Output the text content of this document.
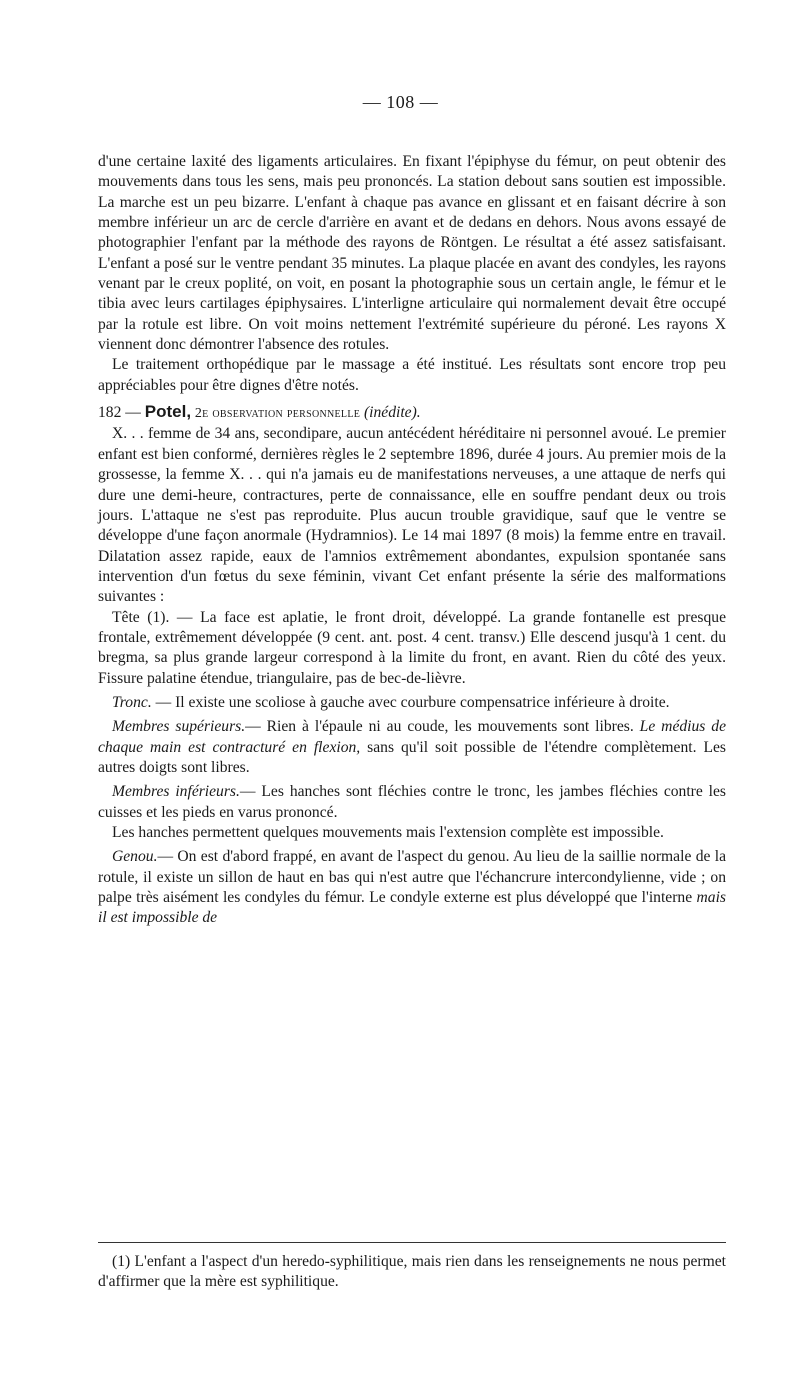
— 108 —

d'une certaine laxité des ligaments articulaires. En fixant l'épiphyse du fémur, on peut obtenir des mouvements dans tous les sens, mais peu prononcés. La station debout sans soutien est impossible. La marche est un peu bizarre. L'enfant à chaque pas avance en glissant et en faisant décrire à son membre inférieur un arc de cercle d'arrière en avant et de dedans en dehors. Nous avons essayé de photographier l'enfant par la méthode des rayons de Röntgen. Le résultat a été assez satisfaisant. L'enfant a posé sur le ventre pendant 35 minutes. La plaque placée en avant des condyles, les rayons venant par le creux poplité, on voit, en posant la photographie sous un certain angle, le fémur et le tibia avec leurs cartilages épiphysaires. L'interligne articulaire qui normalement devait être occupé par la rotule est libre. On voit moins nettement l'extrémité supérieure du péroné. Les rayons X viennent donc démontrer l'absence des rotules.

Le traitement orthopédique par le massage a été institué. Les résultats sont encore trop peu appréciables pour être dignes d'être notés.

182 — Potel, 2e observation personnelle (inédite).

X. . . femme de 34 ans, secondipare, aucun antécédent héréditaire ni personnel avoué. Le premier enfant est bien conformé, dernières règles le 2 septembre 1896, durée 4 jours. Au premier mois de la grossesse, la femme X. . . qui n'a jamais eu de manifestations nerveuses, a une attaque de nerfs qui dure une demi-heure, contractures, perte de connaissance, elle en souffre pendant deux ou trois jours. L'attaque ne s'est pas reproduite. Plus aucun trouble gravidique, sauf que le ventre se développe d'une façon anormale (Hydramnios). Le 14 mai 1897 (8 mois) la femme entre en travail. Dilatation assez rapide, eaux de l'amnios extrêmement abondantes, expulsion spontanée sans intervention d'un fœtus du sexe féminin, vivant Cet enfant présente la série des malformations suivantes :

Tête (1). — La face est aplatie, le front droit, développé. La grande fontanelle est presque frontale, extrêmement développée (9 cent. ant. post. 4 cent. transv.) Elle descend jusqu'à 1 cent. du bregma, sa plus grande largeur correspond à la limite du front, en avant. Rien du côté des yeux. Fissure palatine étendue, triangulaire, pas de bec-de-lièvre.

Tronc. — Il existe une scoliose à gauche avec courbure compensatrice inférieure à droite.

Membres supérieurs.— Rien à l'épaule ni au coude, les mouvements sont libres. Le médius de chaque main est contracturé en flexion, sans qu'il soit possible de l'étendre complètement. Les autres doigts sont libres.

Membres inférieurs.— Les hanches sont fléchies contre le tronc, les jambes fléchies contre les cuisses et les pieds en varus prononcé.

Les hanches permettent quelques mouvements mais l'extension complète est impossible.

Genou.— On est d'abord frappé, en avant de l'aspect du genou. Au lieu de la saillie normale de la rotule, il existe un sillon de haut en bas qui n'est autre que l'échancrure intercondylienne, vide ; on palpe très aisément les condyles du fémur. Le condyle externe est plus développé que l'interne mais il est impossible de

(1) L'enfant a l'aspect d'un heredo-syphilitique, mais rien dans les renseignements ne nous permet d'affirmer que la mère est syphilitique.
